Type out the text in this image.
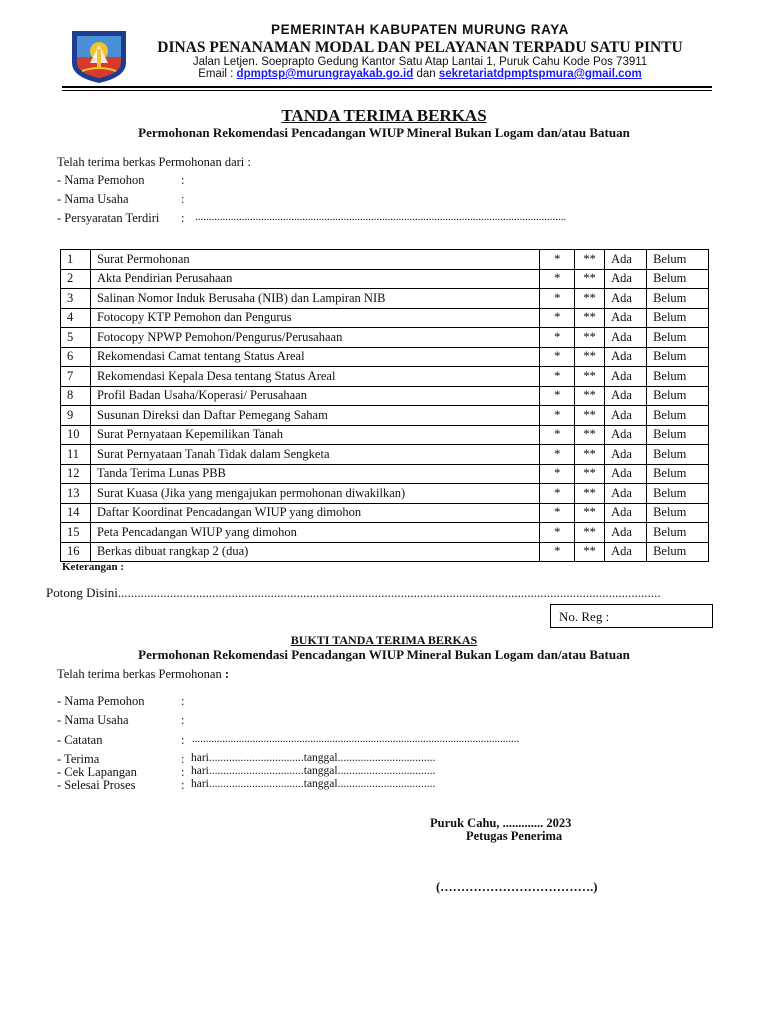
PEMERINTAH KABUPATEN MURUNG RAYA
DINAS PENANAMAN MODAL DAN PELAYANAN TERPADU SATU PINTU
Jalan Letjen. Soeprapto Gedung Kantor Satu Atap Lantai 1, Puruk Cahu Kode Pos 73911
Email : dpmptsp@murungrayakab.go.id dan sekretariatdpmptspmura@gmail.com
TANDA TERIMA BERKAS
Permohonan Rekomendasi Pencadangan WIUP Mineral Bukan Logam dan/atau Batuan
Telah terima berkas Permohonan dari :
- Nama Pemohon	:
- Nama Usaha	:
- Persyaratan Terdiri : .......................................................................................................................................
1	Surat Permohonan	*	**	Ada	Belum
2	Akta Pendirian Perusahaan	*	**	Ada	Belum
3	Salinan Nomor Induk Berusaha (NIB) dan Lampiran NIB	*	**	Ada	Belum
4	Fotocopy KTP Pemohon dan Pengurus	*	**	Ada	Belum
5	Fotocopy NPWP Pemohon/Pengurus/Perusahaan	*	**	Ada	Belum
6	Rekomendasi Camat tentang Status Areal	*	**	Ada	Belum
7	Rekomendasi Kepala Desa tentang Status Areal	*	**	Ada	Belum
8	Profil Badan Usaha/Koperasi/ Perusahaan	*	**	Ada	Belum
9	Susunan Direksi dan Daftar Pemegang Saham	*	**	Ada	Belum
10	Surat Pernyataan Kepemilikan Tanah	*	**	Ada	Belum
11	Surat Pernyataan Tanah Tidak dalam Sengketa	*	**	Ada	Belum
12	Tanda Terima Lunas PBB	*	**	Ada	Belum
13	Surat Kuasa (Jika yang mengajukan permohonan diwakilkan)	*	**	Ada	Belum
14	Daftar Koordinat Pencadangan WIUP yang dimohon	*	**	Ada	Belum
15	Peta Pencadangan WIUP yang dimohon	*	**	Ada	Belum
16	Berkas dibuat rangkap 2 (dua)	*	**	Ada	Belum
Keterangan :
Potong Disini.......................................................................................................................................................................
No. Reg :
BUKTI TANDA TERIMA BERKAS
Permohonan Rekomendasi Pencadangan WIUP Mineral Bukan Logam dan/atau Batuan
Telah terima berkas Permohonan :
- Nama Pemohon	:
- Nama Usaha	:
- Catatan	: .......................................................................................................................
- Terima	: hari.................................tanggal..................................
- Cek Lapangan	: hari.................................tanggal..................................
- Selesai Proses	: hari.................................tanggal..................................
Puruk Cahu, ............. 2023
Petugas Penerima
(……………………………….)
